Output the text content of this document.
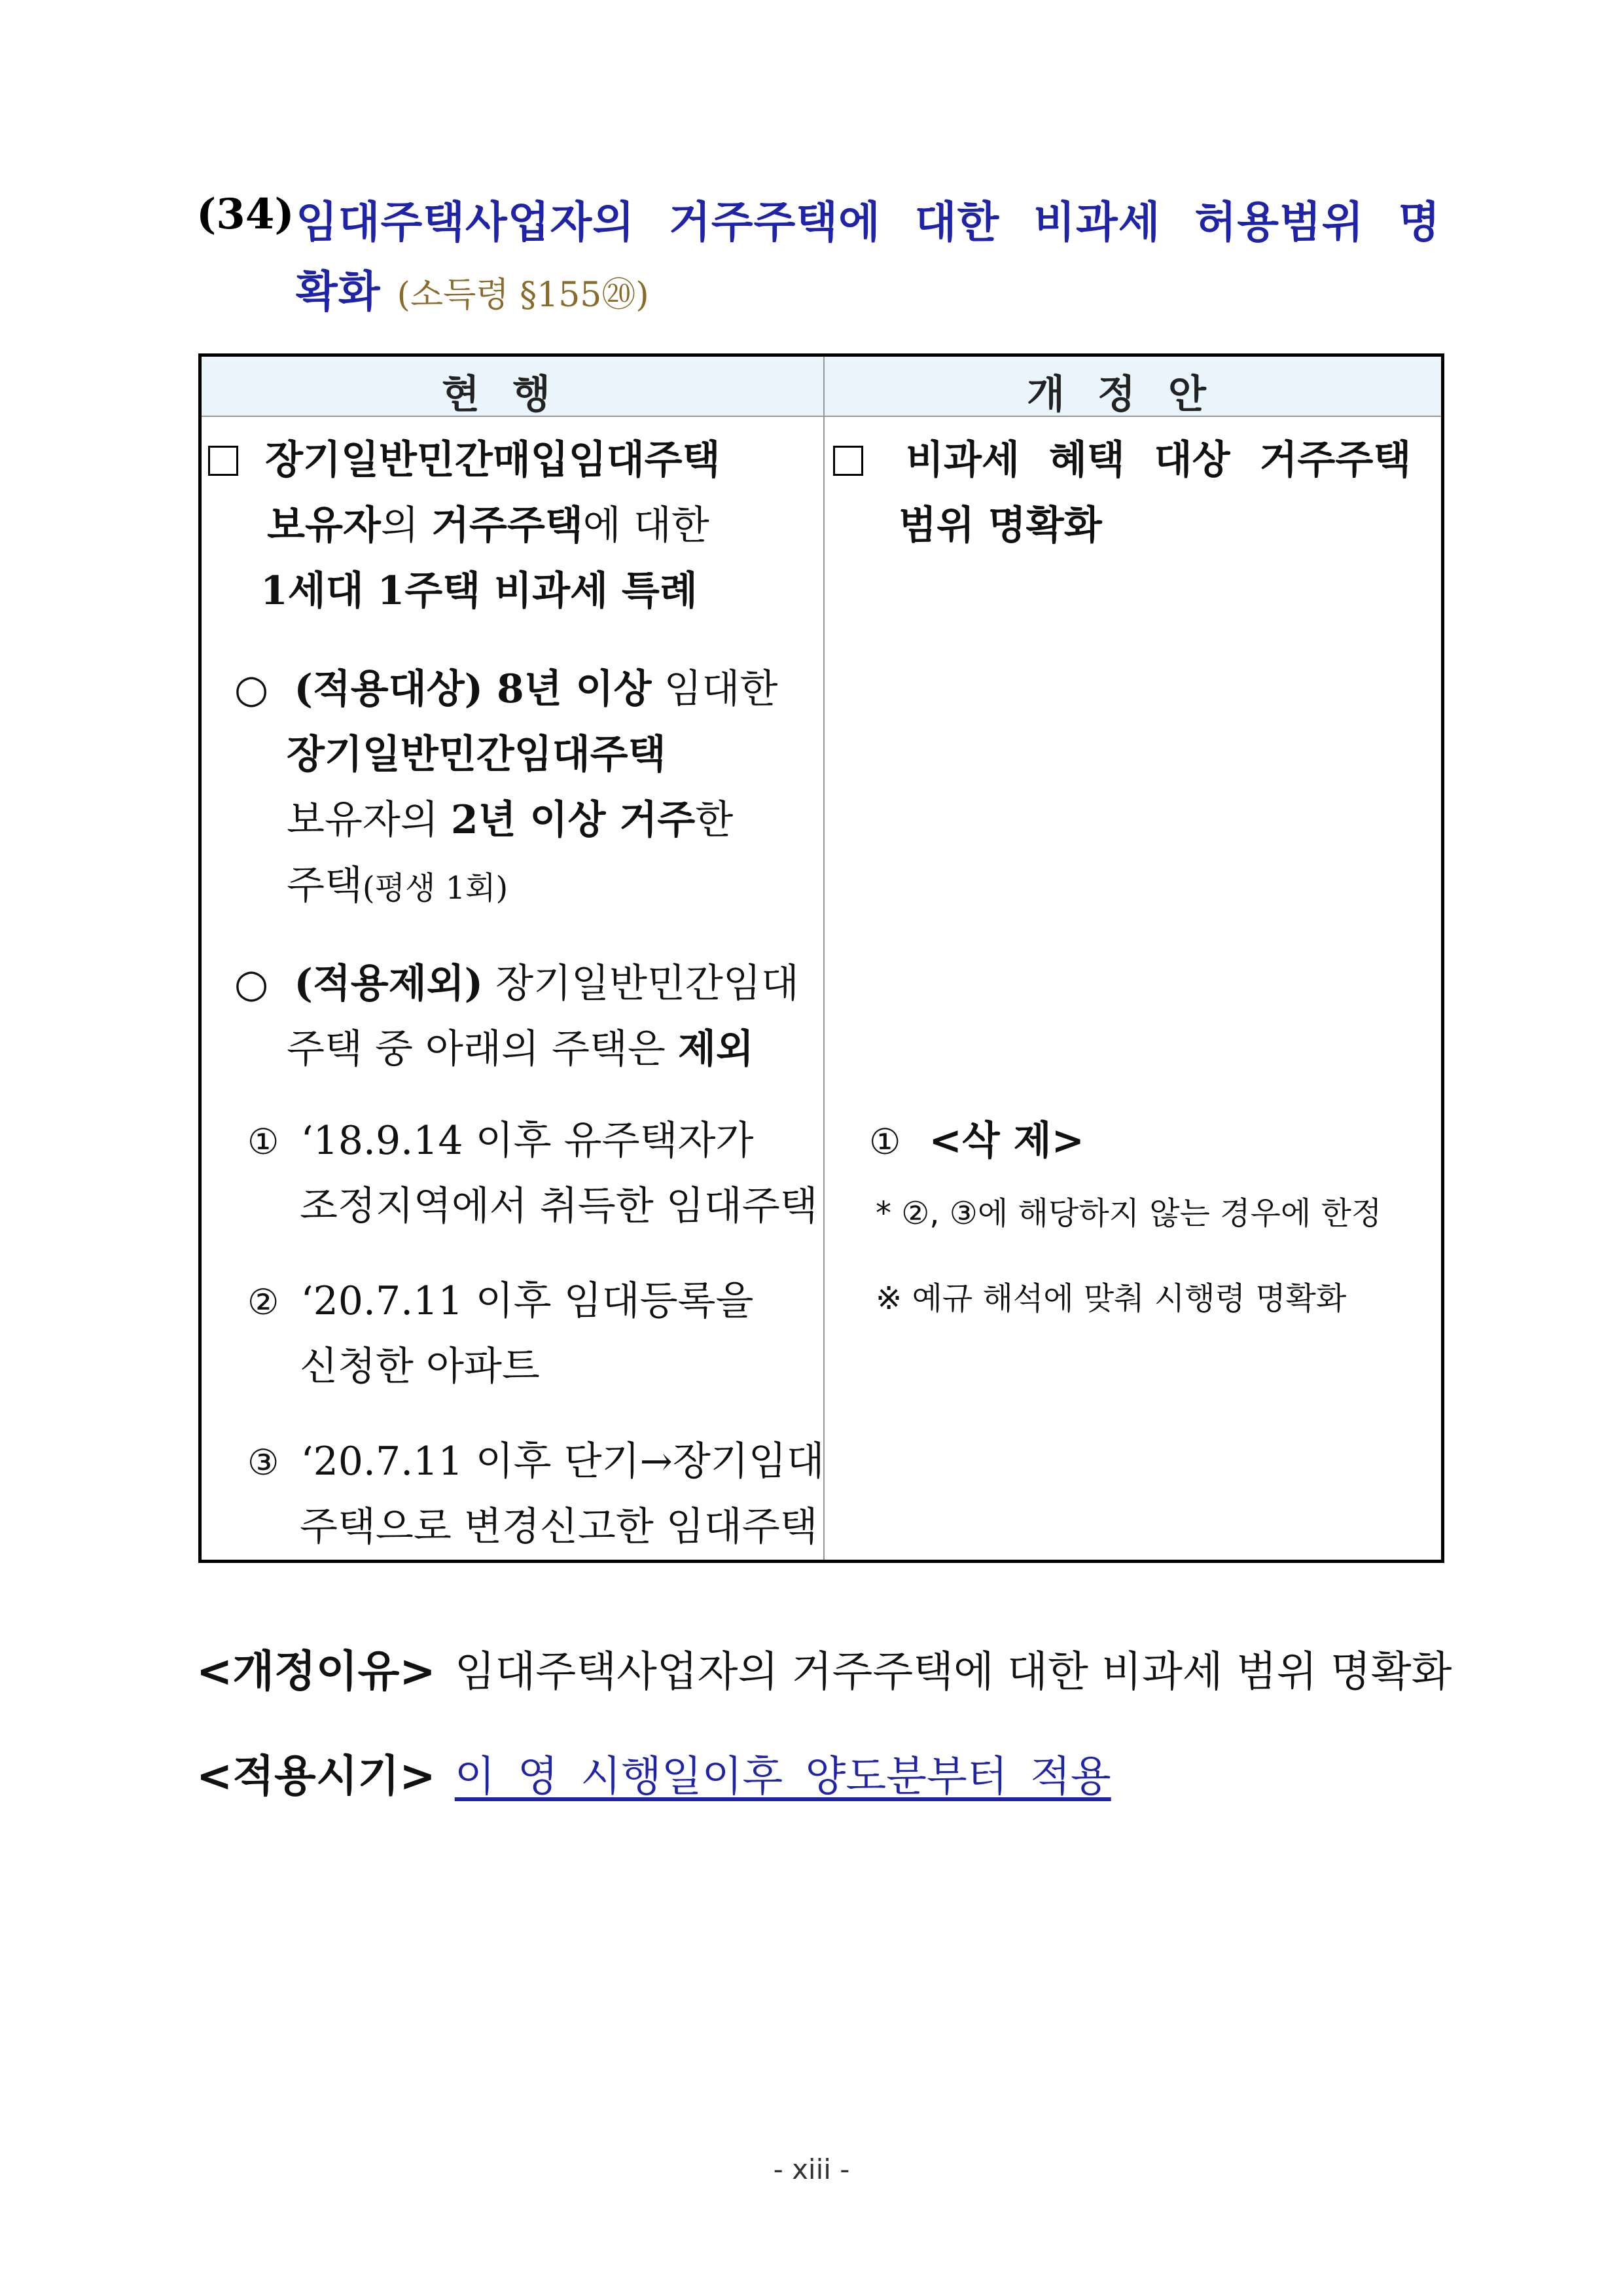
(34) 임대주택사업자의 거주주택에 대한 비과세 허용범위 명
확화 (소득령 §155⑳)
현행	개정안
장기일반민간매입임대주택
보유자의 거주주택에 대한
1세대 1주택 비과세 특례
○ (적용대상) 8년 이상 임대한
장기일반민간임대주택
보유자의 2년 이상 거주한
주택(평생 1회)
○ (적용제외) 장기일반민간임대
주택 중 아래의 주택은 제외
① ‘18.9.14 이후 유주택자가
조정지역에서 취득한 임대주택
② ‘20.7.11 이후 임대등록을
신청한 아파트
③ ‘20.7.11 이후 단기→장기임대
주택으로 변경신고한 임대주택
비과세 혜택 대상 거주주택
범위 명확화
① <삭 제>
* ②, ③에 해당하지 않는 경우에 한정
※ 예규 해석에 맞춰 시행령 명확화
<개정이유> 임대주택사업자의 거주주택에 대한 비과세 범위 명확화
<적용시기> 이 영 시행일이후 양도분부터 적용
- xiii -
